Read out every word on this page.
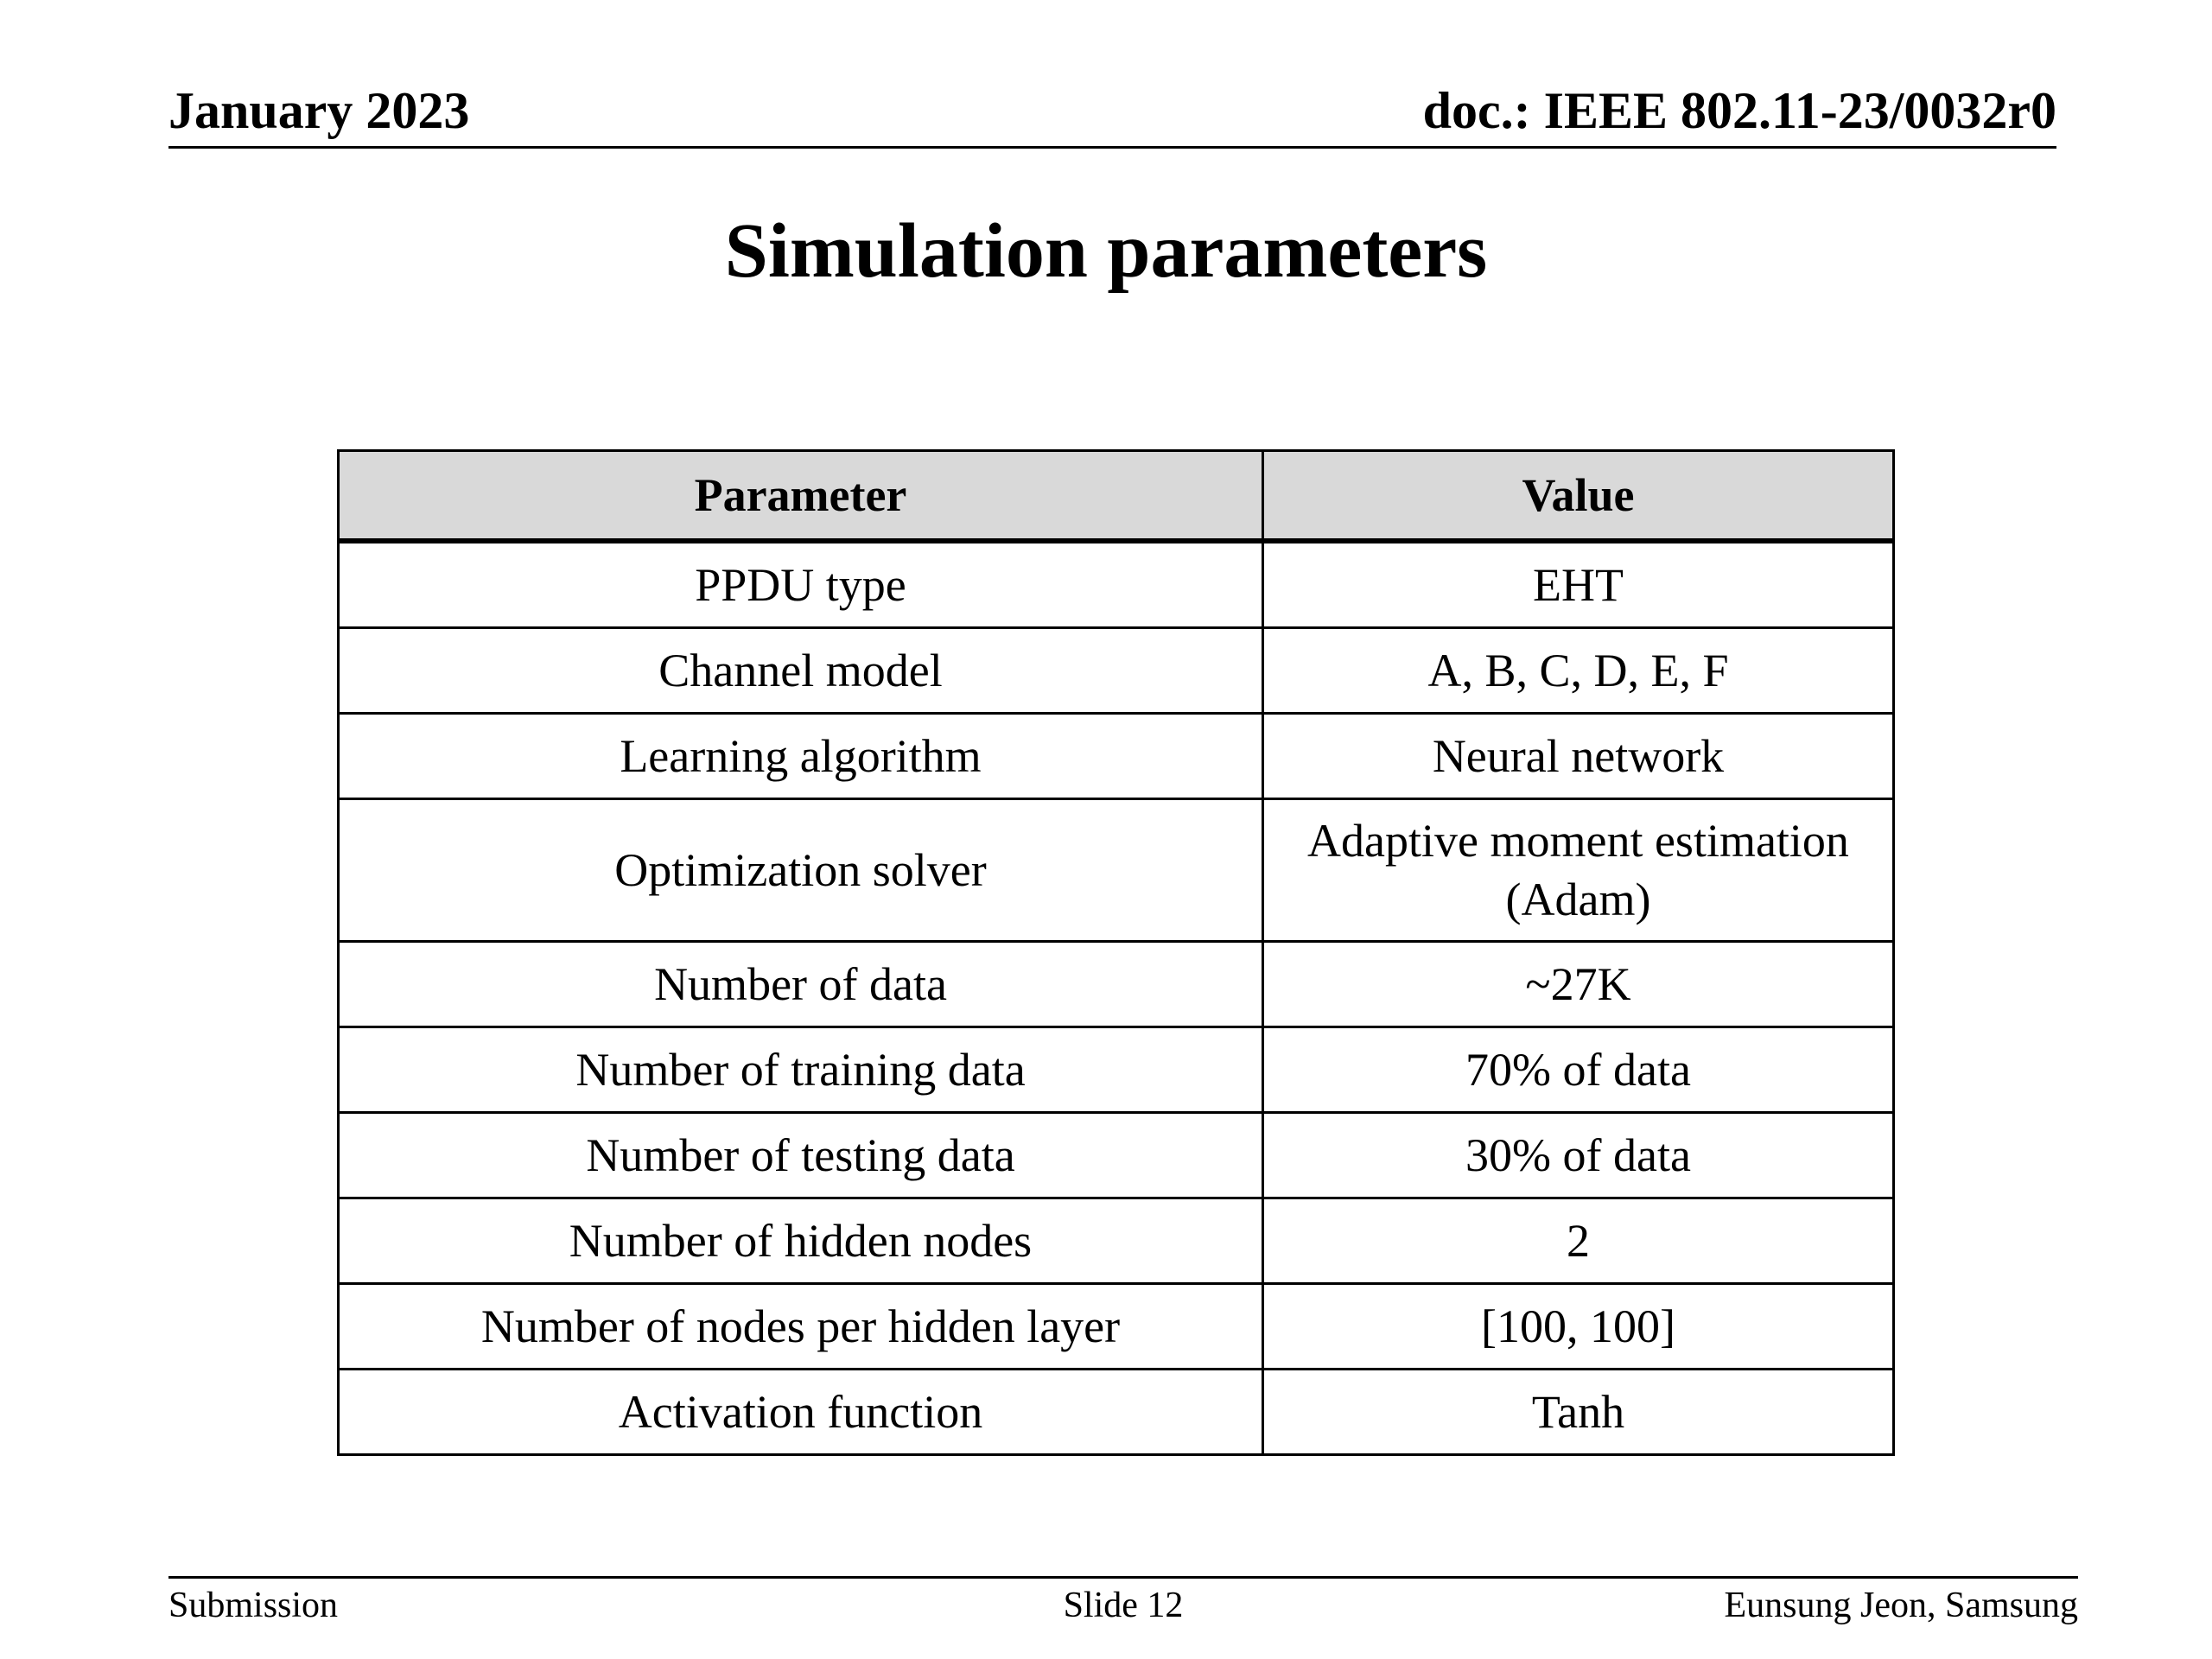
January 2023	doc.: IEEE 802.11-23/0032r0
Simulation parameters
Parameter	Value
PPDU type	EHT
Channel model	A, B, C, D, E, F
Learning algorithm	Neural network
Optimization solver	Adaptive moment estimation
(Adam)

Number of data	~27K
Number of training data	70% of data
Number of testing data	30% of data
Number of hidden nodes	2
Number of nodes per hidden layer	[100, 100]
Activation function	Tanh
Submission	Slide 12	Eunsung Jeon, Samsung
